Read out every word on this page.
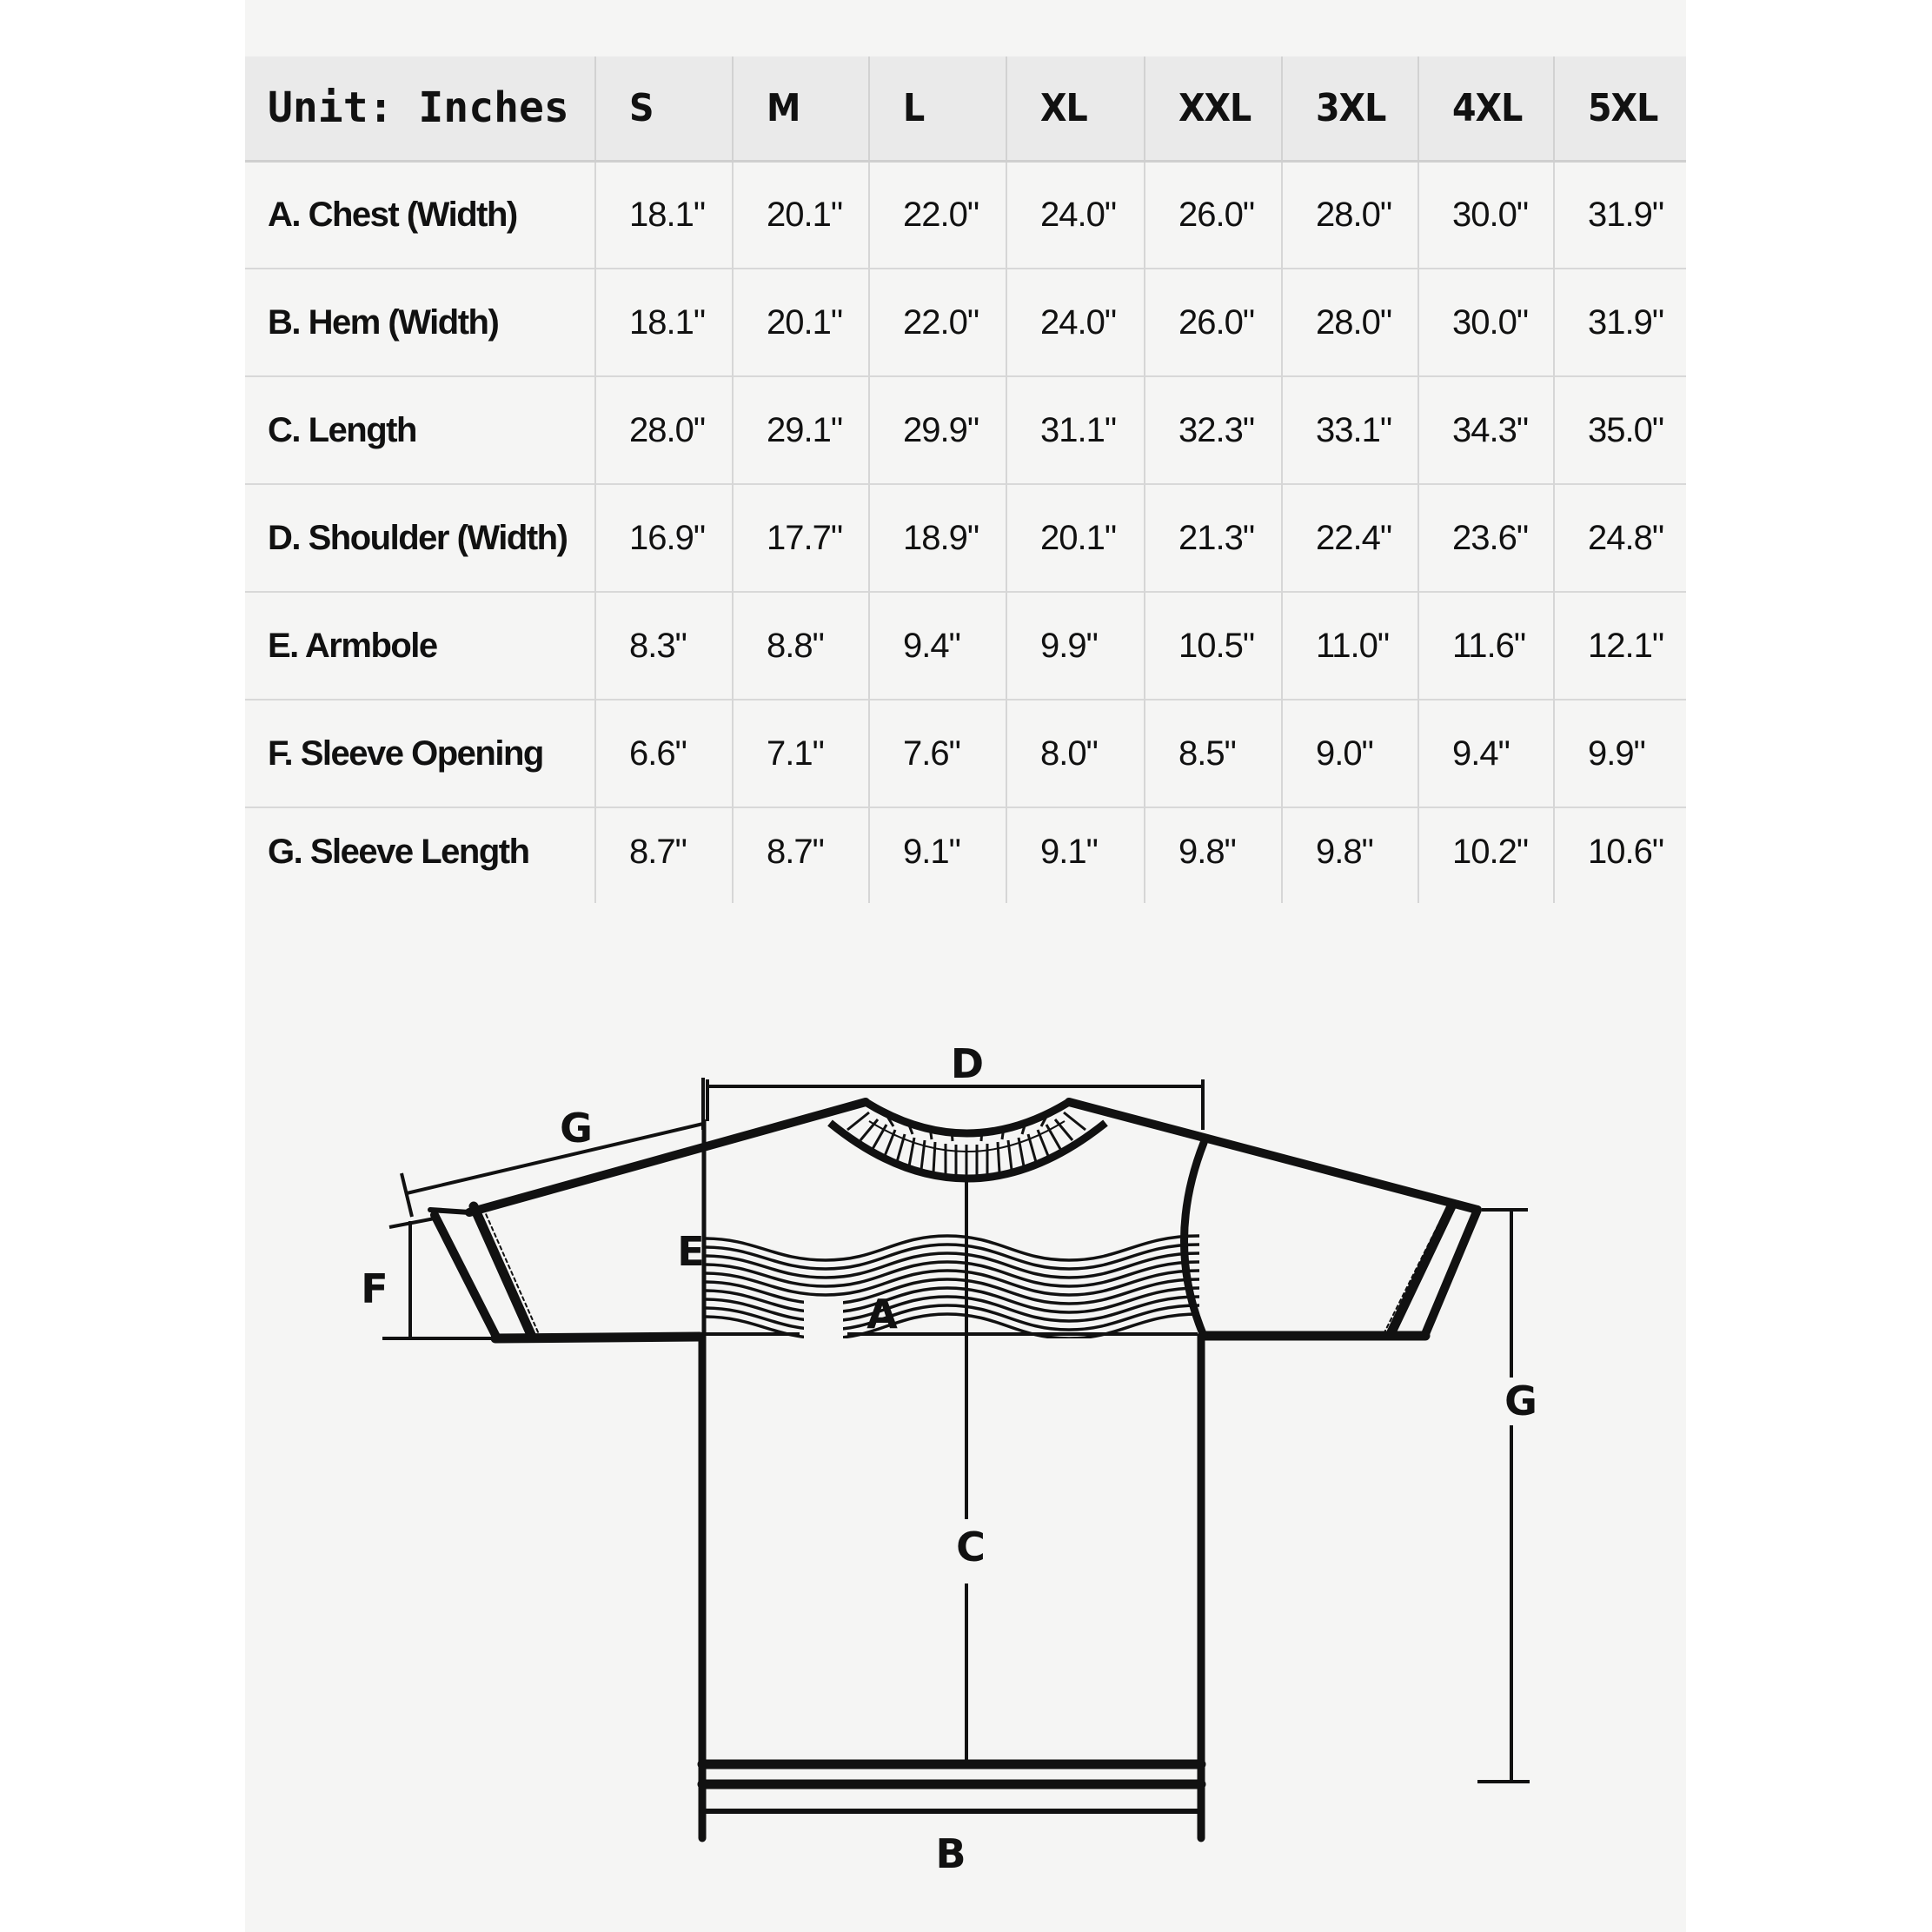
Unit: Inches	S	M	L	XL	XXL	3XL	4XL	5XL
A. Chest (Width)	18.1"	20.1"	22.0"	24.0"	26.0"	28.0"	30.0"	31.9"
B. Hem (Width)	18.1"	20.1"	22.0"	24.0"	26.0"	28.0"	30.0"	31.9"
C. Length	28.0"	29.1"	29.9"	31.1"	32.3"	33.1"	34.3"	35.0"
D. Shoulder (Width)	16.9"	17.7"	18.9"	20.1"	21.3"	22.4"	23.6"	24.8"
E. Armbole	8.3"	8.8"	9.4"	9.9"	10.5"	11.0"	11.6"	12.1"
F. Sleeve Opening	6.6"	7.1"	7.6"	8.0"	8.5"	9.0"	9.4"	9.9"
G. Sleeve Length	8.7"	8.7"	9.1"	9.1"	9.8"	9.8"	10.2"	10.6"
D
G
F
E
A
C
G
B
